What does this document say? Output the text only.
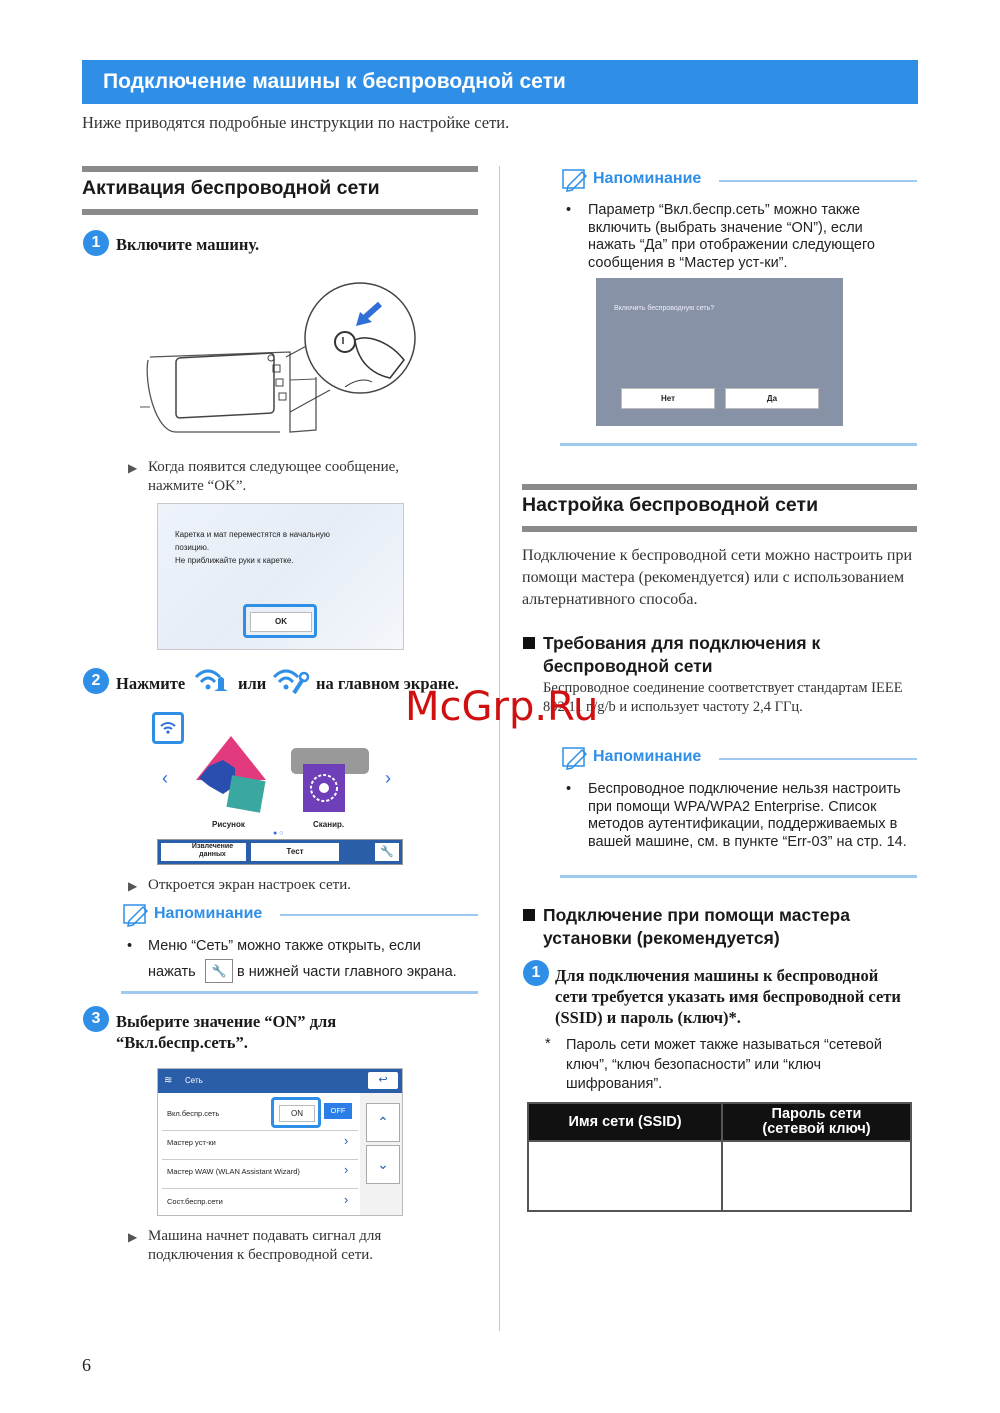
Подключение машины к беспроводной сети
Ниже приводятся подробные инструкции по настройке сети.
Активация беспроводной сети
1 Включите машину.
▶ Когда появится следующее сообщение, нажмите “OK”.
Каретка и мат переместятся в начальную
позицию.
Не приближайте руки к каретке.
OK
2 Нажмите	или	на главном экране.
‹	›
Рисунок	Сканир.
● ○
Извлечение данных	Тест	🔧
▶ Откроется экран настроек сети.
Напоминание
• Меню “Сеть” можно также открыть, если
нажать	🔧 в нижней части главного экрана.
3 Выберите значение “ON” для “Вкл.беспр.сеть”.
≋ Сеть	↩
Вкл.беспр.сеть	ON	OFF
Мастер уст-ки	›
Мастер WAW (WLAN Assistant Wizard)	›
Сост.беспр.сети	›
⌃
⌄
▶ Машина начнет подавать сигнал для подключения к беспроводной сети.
6
Напоминание
• Параметр “Вкл.беспр.сеть” можно также включить (выбрать значение “ON”), если нажать “Да” при отображении следующего сообщения в “Мастер уст-ки”.
Включить беспроводную сеть?
Нет	Да
Настройка беспроводной сети
Подключение к беспроводной сети можно настроить при помощи мастера (рекомендуется) или с использованием альтернативного способа.
Требования для подключения к беспроводной сети
Беспроводное соединение соответствует стандартам IEEE 802.11 n/g/b и использует частоту 2,4 ГГц.
Напоминание
• Беспроводное подключение нельзя настроить при помощи WPA/WPA2 Enterprise. Список методов аутентификации, поддерживаемых в вашей машине, см. в пункте “Err-03” на стр. 14.
Подключение при помощи мастера установки (рекомендуется)
1 Для подключения машины к беспроводной сети требуется указать имя беспроводной сети (SSID) и пароль (ключ)*.
* Пароль сети может также называться “сетевой ключ”, “ключ безопасности” или “ключ шифрования”.
Имя сети (SSID)	Пароль сети
(сетевой ключ)

McGrp.Ru
